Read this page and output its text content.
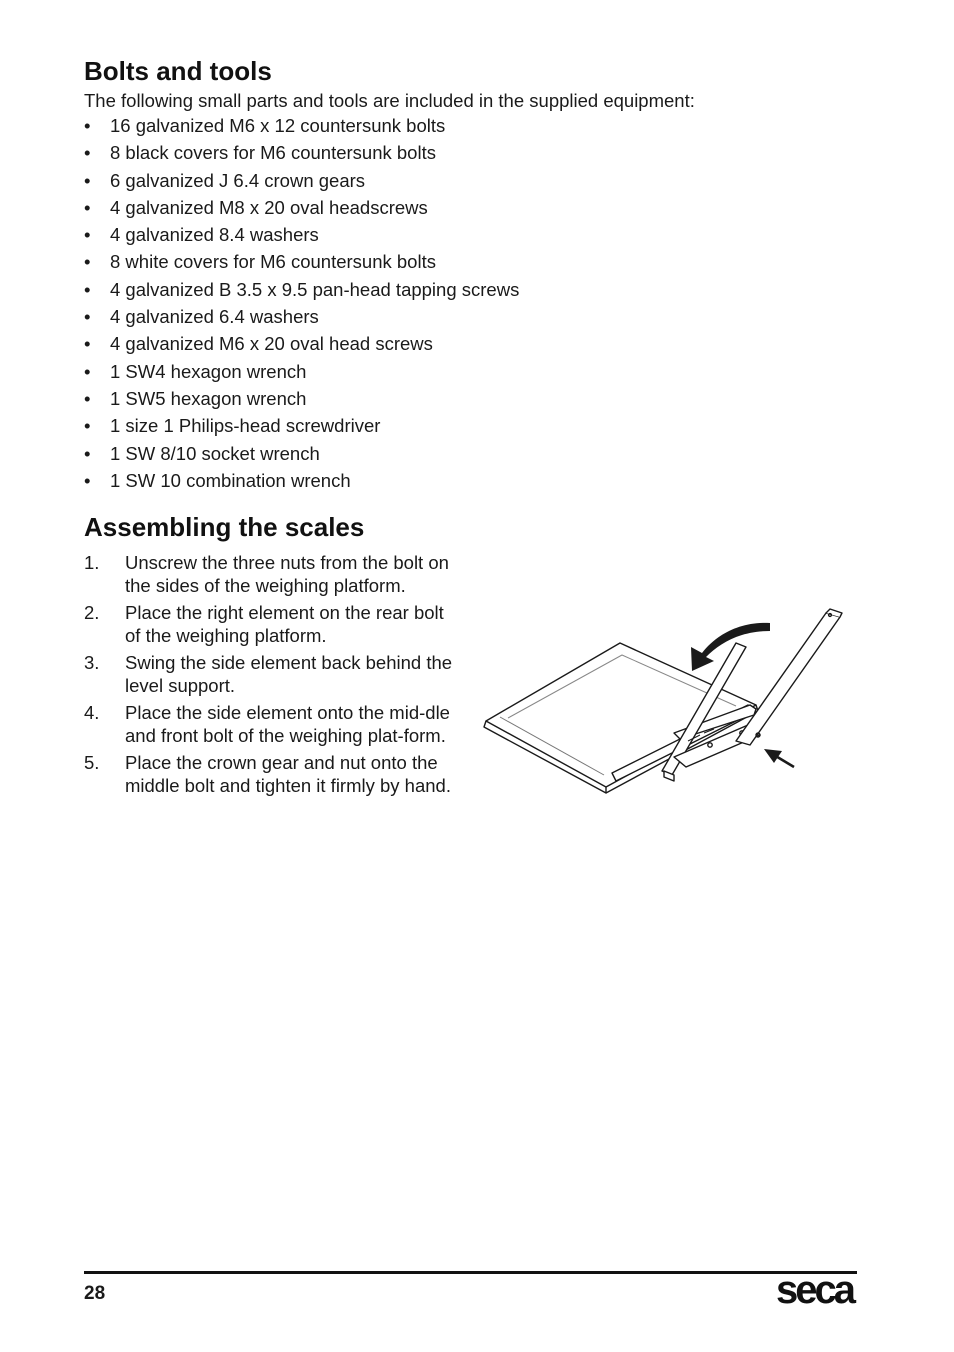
Bolts and tools

The following small parts and tools are included in the supplied equipment:

• 16 galvanized M6 x 12 countersunk bolts
• 8 black covers for M6 countersunk bolts
• 6 galvanized J 6.4 crown gears
• 4 galvanized M8 x 20 oval headscrews
• 4 galvanized 8.4 washers
• 8 white covers for M6 countersunk bolts
• 4 galvanized B 3.5 x 9.5 pan-head tapping screws
• 4 galvanized 6.4 washers
• 4 galvanized M6 x 20 oval head screws
• 1 SW4 hexagon wrench
• 1 SW5 hexagon wrench
• 1 size 1 Philips-head screwdriver
• 1 SW 8/10 socket wrench
• 1 SW 10 combination wrench
Assembling the scales
1.	Unscrew the three nuts from the bolt on the sides of the weighing platform.
2.	Place the right element on the rear bolt of the weighing platform.
3.	Swing the side element back behind the level support.
4.	Place the side element onto the mid-dle and front bolt of the weighing plat-form.
5.	Place the crown gear and nut onto the middle bolt and tighten it firmly by hand.
28	seca
